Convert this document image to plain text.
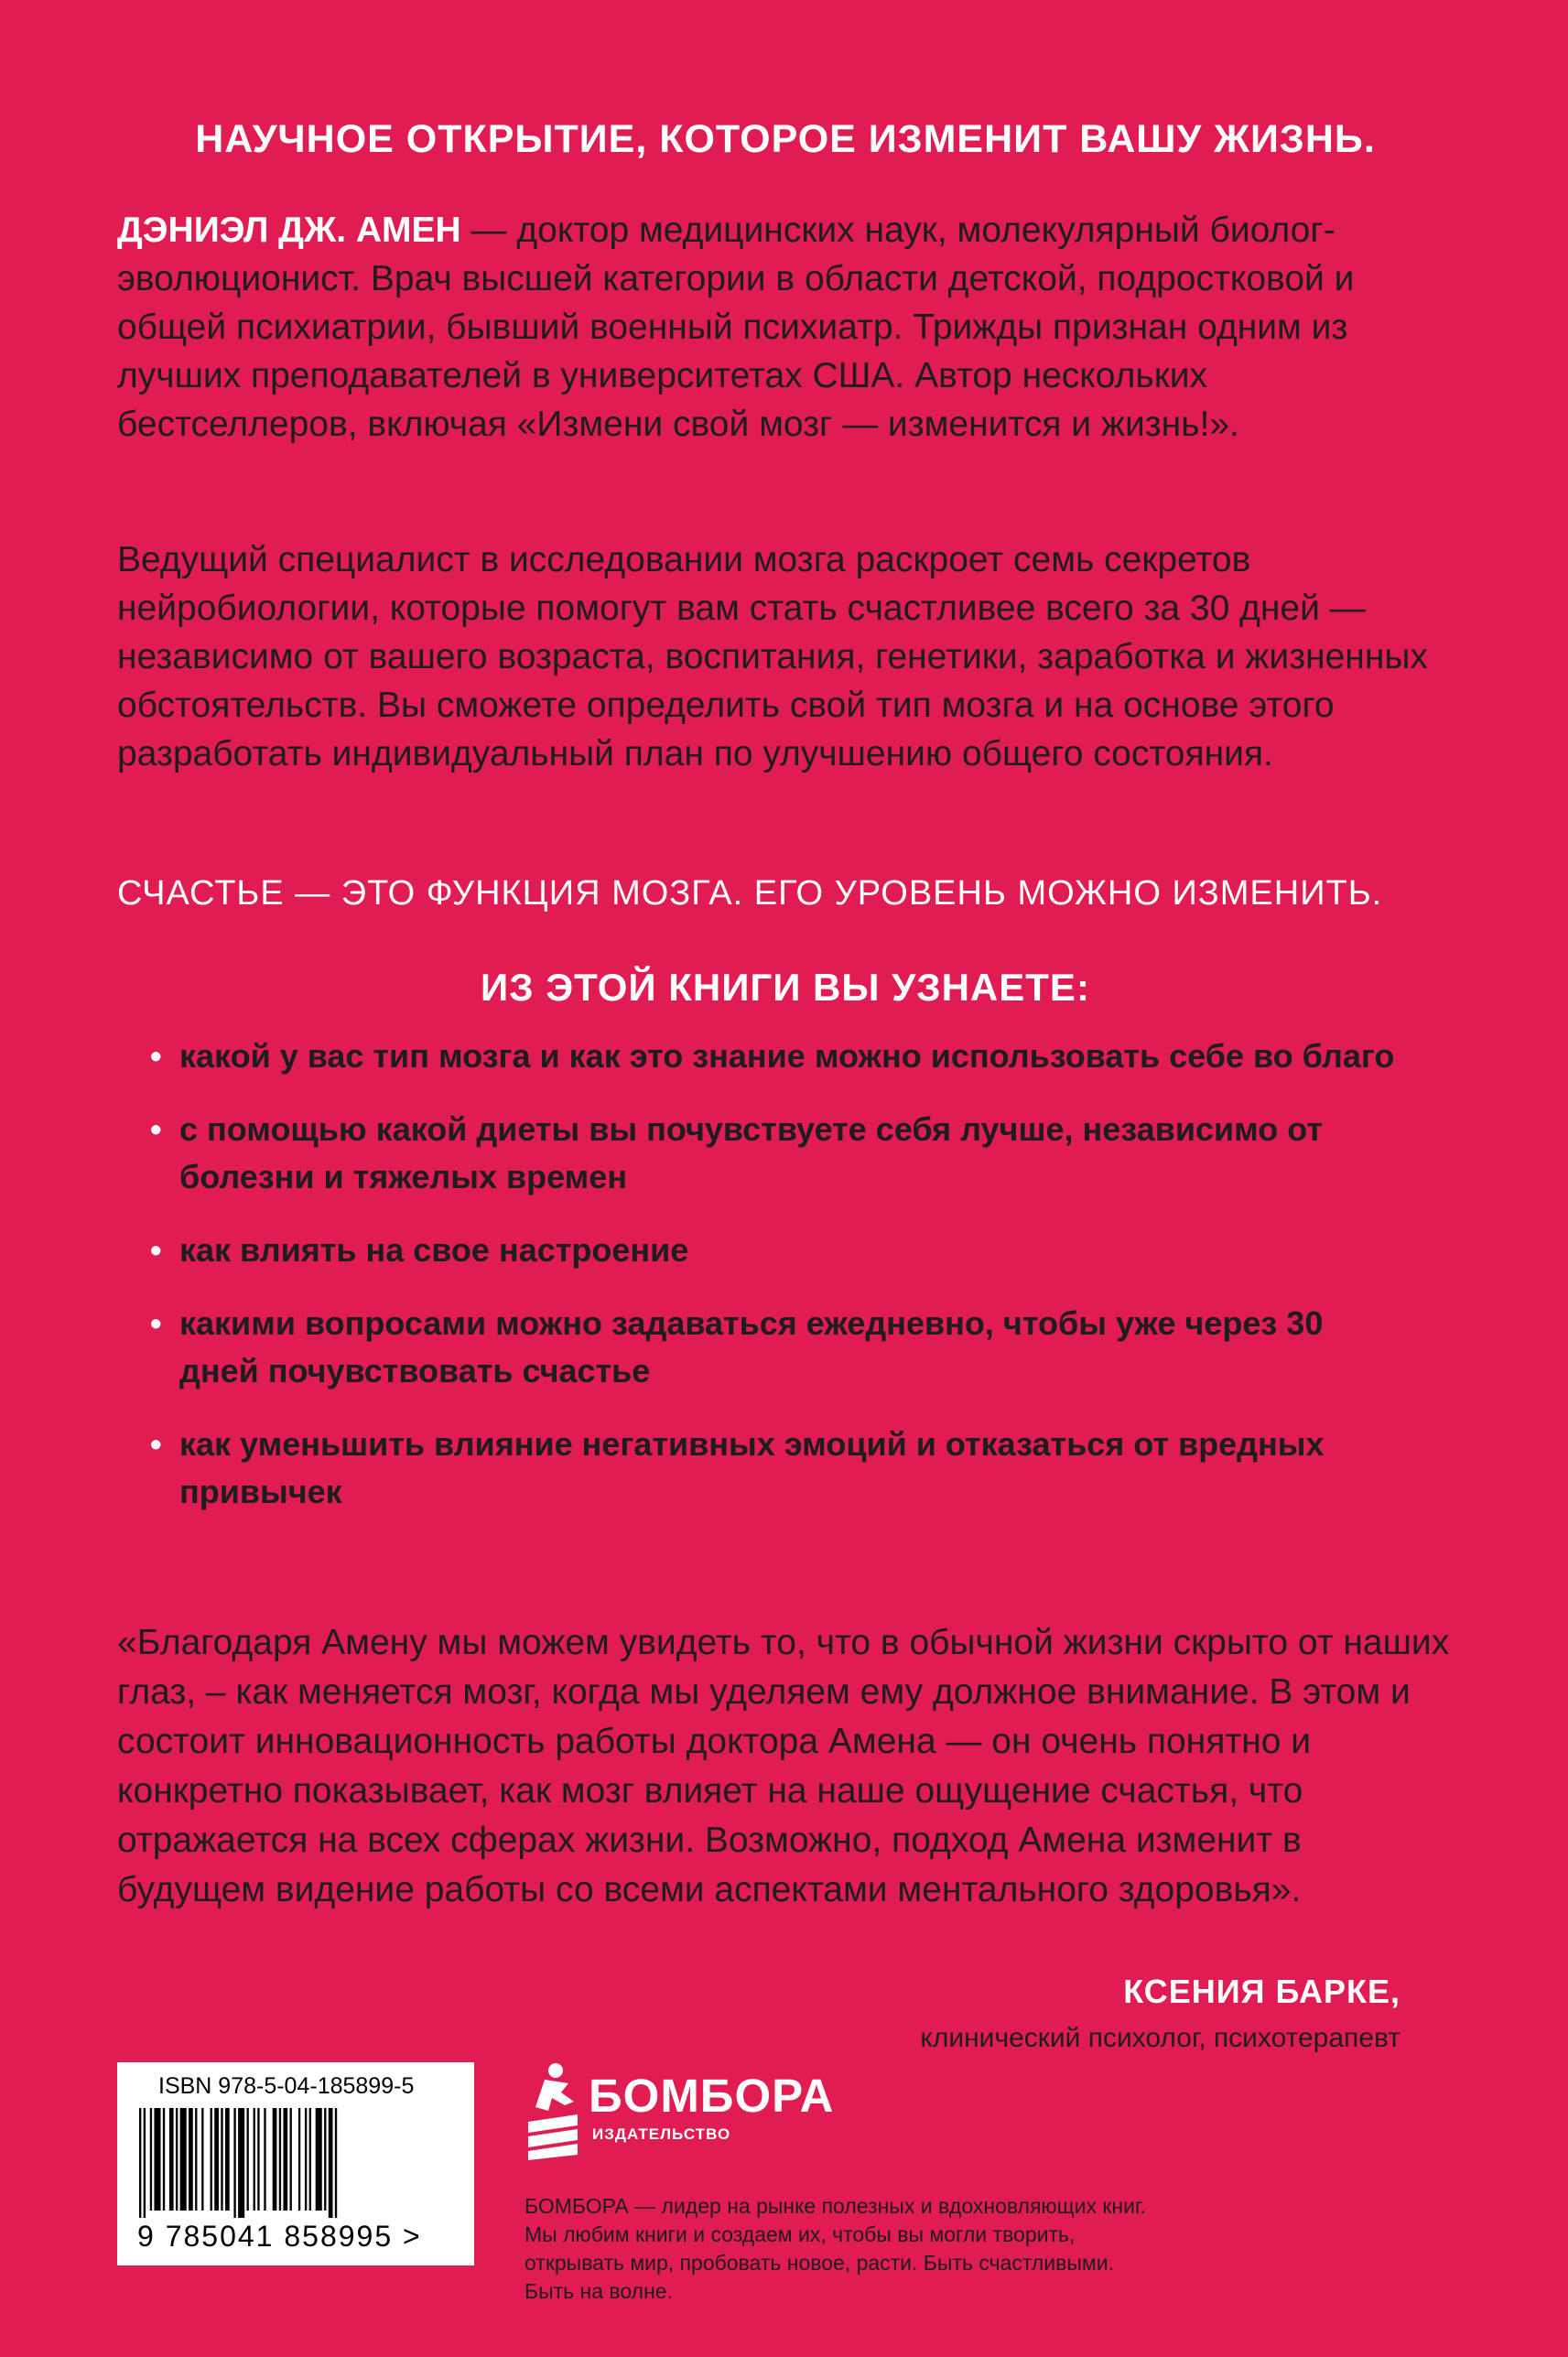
НАУЧНОЕ ОТКРЫТИЕ, КОТОРОЕ ИЗМЕНИТ ВАШУ ЖИЗНЬ.
ДЭНИЭЛ ДЖ. АМЕН — доктор медицинских наук, молекулярный биолог-эволюционист. Врач высшей категории в области детской, подростковой и общей психиатрии, бывший военный психиатр. Трижды признан одним из лучших преподавателей в университетах США. Автор нескольких бестселлеров, включая «Измени свой мозг — изменится и жизнь!».
Ведущий специалист в исследовании мозга раскроет семь секретов нейробиологии, которые помогут вам стать счастливее всего за 30 дней — независимо от вашего возраста, воспитания, генетики, заработка и жизненных обстоятельств. Вы сможете определить свой тип мозга и на основе этого разработать индивидуальный план по улучшению общего состояния.
СЧАСТЬЕ — ЭТО ФУНКЦИЯ МОЗГА. ЕГО УРОВЕНЬ МОЖНО ИЗМЕНИТЬ.
ИЗ ЭТОЙ КНИГИ ВЫ УЗНАЕТЕ:
• какой у вас тип мозга и как это знание можно использовать себе во благо
• с помощью какой диеты вы почувствуете себя лучше, независимо от болезни и тяжелых времен
• как влиять на свое настроение
• какими вопросами можно задаваться ежедневно, чтобы уже через 30 дней почувствовать счастье
• как уменьшить влияние негативных эмоций и отказаться от вредных привычек
«Благодаря Амену мы можем увидеть то, что в обычной жизни скрыто от наших глаз, – как меняется мозг, когда мы уделяем ему должное внимание. В этом и состоит инновационность работы доктора Амена — он очень понятно и конкретно показывает, как мозг влияет на наше ощущение счастья, что отражается на всех сферах жизни. Возможно, подход Амена изменит в будущем видение работы со всеми аспектами ментального здоровья».
КСЕНИЯ БАРКЕ,
клинический психолог, психотерапевт
ISBN 978-5-04-185899-5
9 785041 858995 >
БОМБОРА
ИЗДАТЕЛЬСТВО
БОМБОРА — лидер на рынке полезных и вдохновляющих книг. Мы любим книги и создаем их, чтобы вы могли творить, открывать мир, пробовать новое, расти. Быть счастливыми. Быть на волне.
